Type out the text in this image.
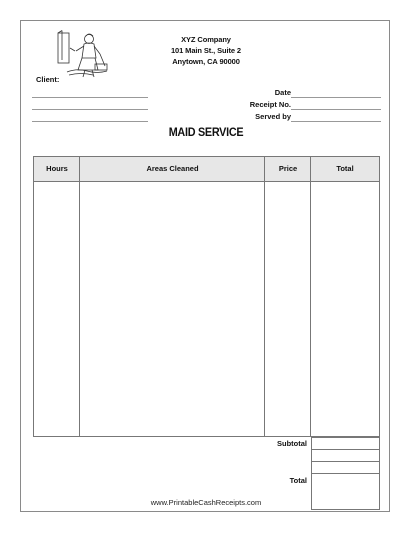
XYZ Company
101 Main St., Suite 2
Anytown, CA 90000
Client:
Date
Receipt No.
Served by
MAID SERVICE
Hours	Areas Cleaned	Price	Total
Subtotal
Total
www.PrintableCashReceipts.com
